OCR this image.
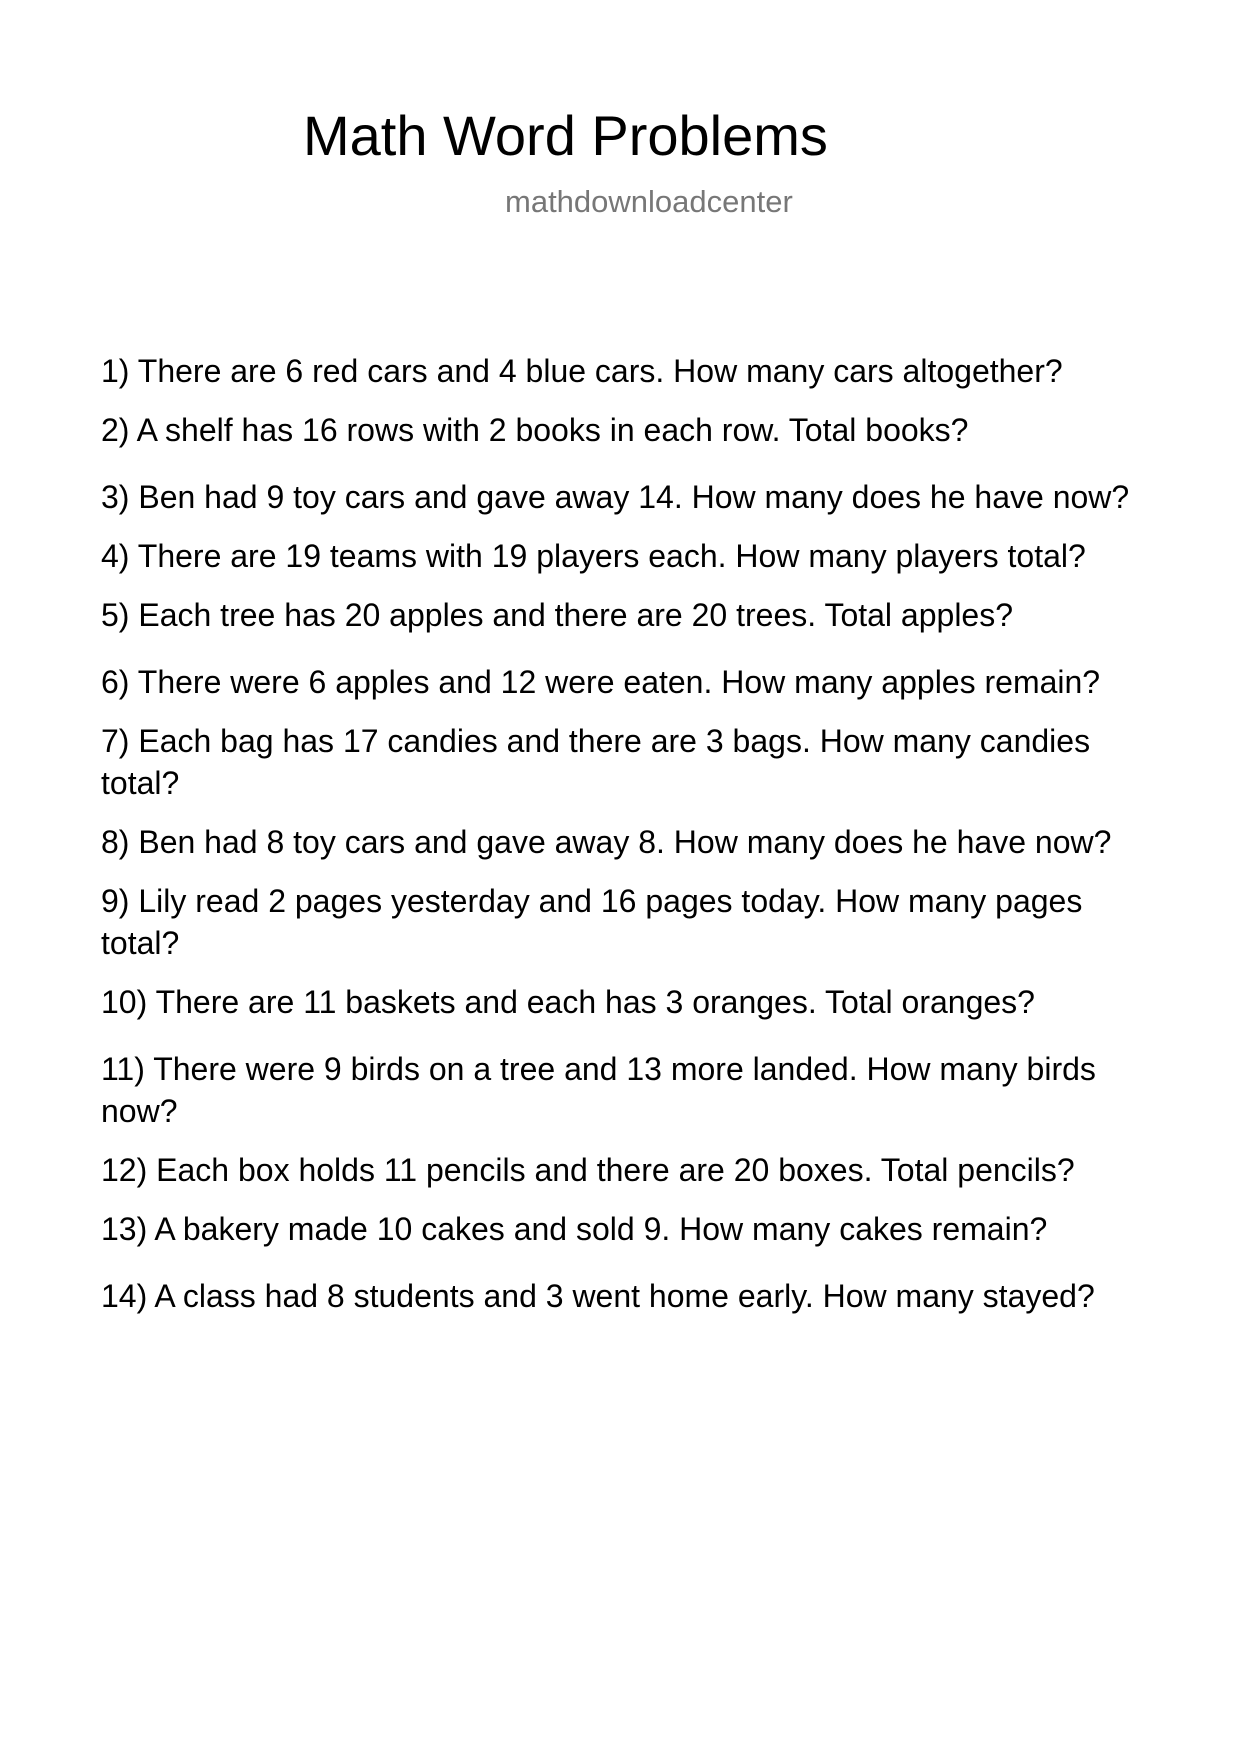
Math Word Problems
mathdownloadcenter
1) There are 6 red cars and 4 blue cars. How many cars altogether?
2) A shelf has 16 rows with 2 books in each row. Total books?
3) Ben had 9 toy cars and gave away 14. How many does he have now?
4) There are 19 teams with 19 players each. How many players total?
5) Each tree has 20 apples and there are 20 trees. Total apples?
6) There were 6 apples and 12 were eaten. How many apples remain?
7) Each bag has 17 candies and there are 3 bags. How many candies total?
8) Ben had 8 toy cars and gave away 8. How many does he have now?
9) Lily read 2 pages yesterday and 16 pages today. How many pages total?
10) There are 11 baskets and each has 3 oranges. Total oranges?
11) There were 9 birds on a tree and 13 more landed. How many birds now?
12) Each box holds 11 pencils and there are 20 boxes. Total pencils?
13) A bakery made 10 cakes and sold 9. How many cakes remain?
14) A class had 8 students and 3 went home early. How many stayed?
